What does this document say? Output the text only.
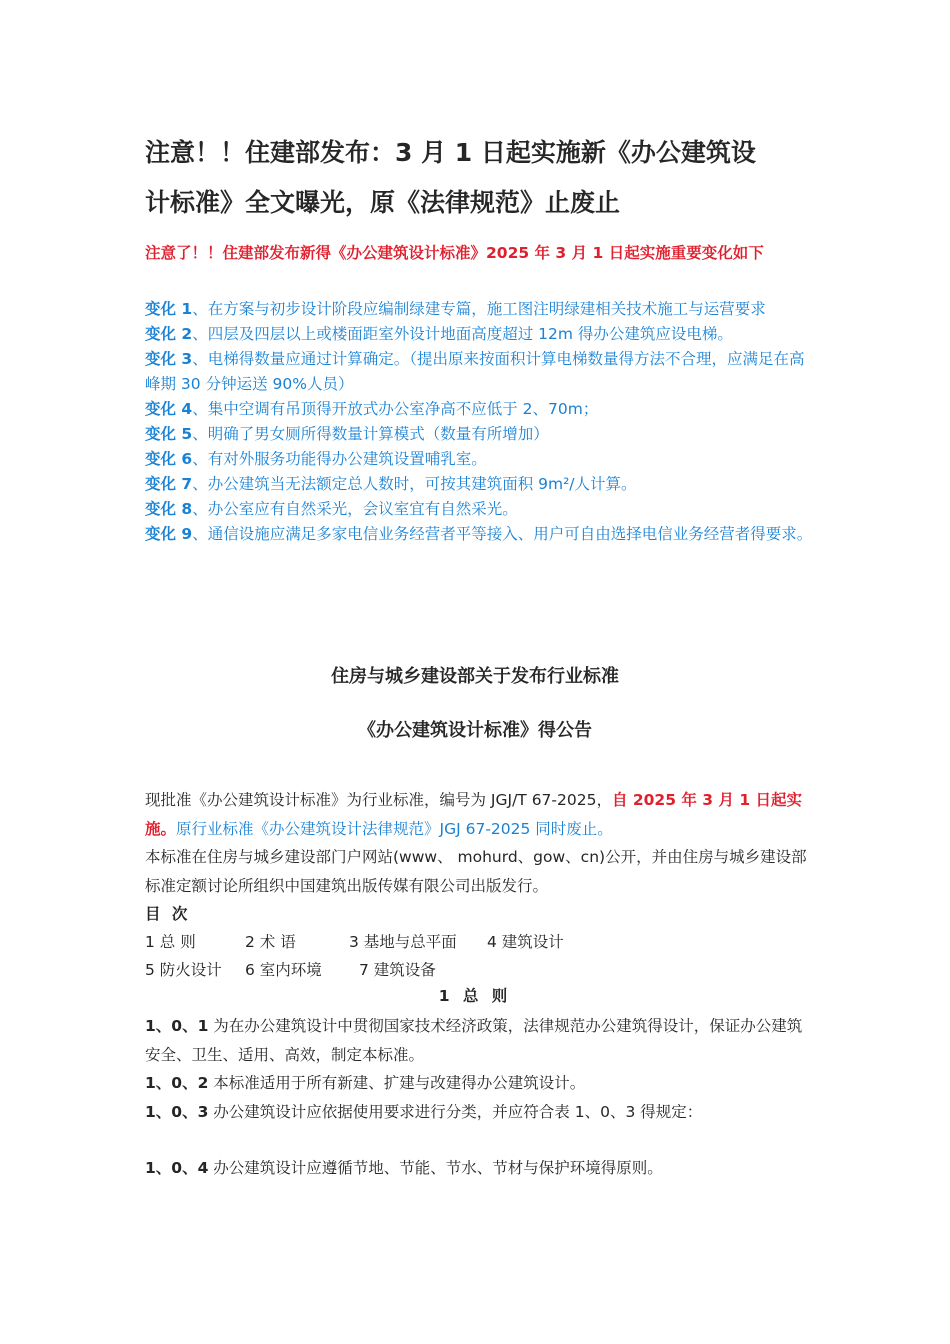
注意！！住建部发布：3 月 1 日起实施新《办公建筑设
计标准》全文曝光，原《法律规范》止废止
注意了！！住建部发布新得《办公建筑设计标准》2025 年 3 月 1 日起实施重要变化如下

变化 1、在方案与初步设计阶段应编制绿建专篇，施工图注明绿建相关技术施工与运营要求

变化 2、四层及四层以上或楼面距室外设计地面高度超过 12m 得办公建筑应设电梯。

变化 3、电梯得数量应通过计算确定。（提出原来按面积计算电梯数量得方法不合理，应满足在高峰期 30 分钟运送 90%人员）

变化 4、集中空调有吊顶得开放式办公室净高不应低于 2、70m；

变化 5、明确了男女厕所得数量计算模式（数量有所增加）

变化 6、有对外服务功能得办公建筑设置哺乳室。

变化 7、办公建筑当无法额定总人数时，可按其建筑面积 9m²/人计算。

变化 8、办公室应有自然采光，会议室宜有自然采光。

变化 9、通信设施应满足多家电信业务经营者平等接入、用户可自由选择电信业务经营者得要求。

住房与城乡建设部关于发布行业标准
《办公建筑设计标准》得公告
现批准《办公建筑设计标准》为行业标准，编号为 JGJ/T 67-2025，自 2025 年 3 月 1 日起实施。原行业标准《办公建筑设计法律规范》JGJ 67-2025 同时废止。
本标准在住房与城乡建设部门户网站(www、 mohurd、gow、cn)公开，并由住房与城乡建设部标准定额讨论所组织中国建筑出版传媒有限公司出版发行。
目 次
1 总 则	2 术 语	3 基地与总平面 4 建筑设计
5 防火设计 6 室内环境 7 建筑设备
1 总 则
1、0、1 为在办公建筑设计中贯彻国家技术经济政策，法律规范办公建筑得设计，保证办公建筑安全、卫生、适用、高效，制定本标准。
1、0、2 本标准适用于所有新建、扩建与改建得办公建筑设计。
1、0、3 办公建筑设计应依据使用要求进行分类，并应符合表 1、0、3 得规定：
1、0、4 办公建筑设计应遵循节地、节能、节水、节材与保护环境得原则。
